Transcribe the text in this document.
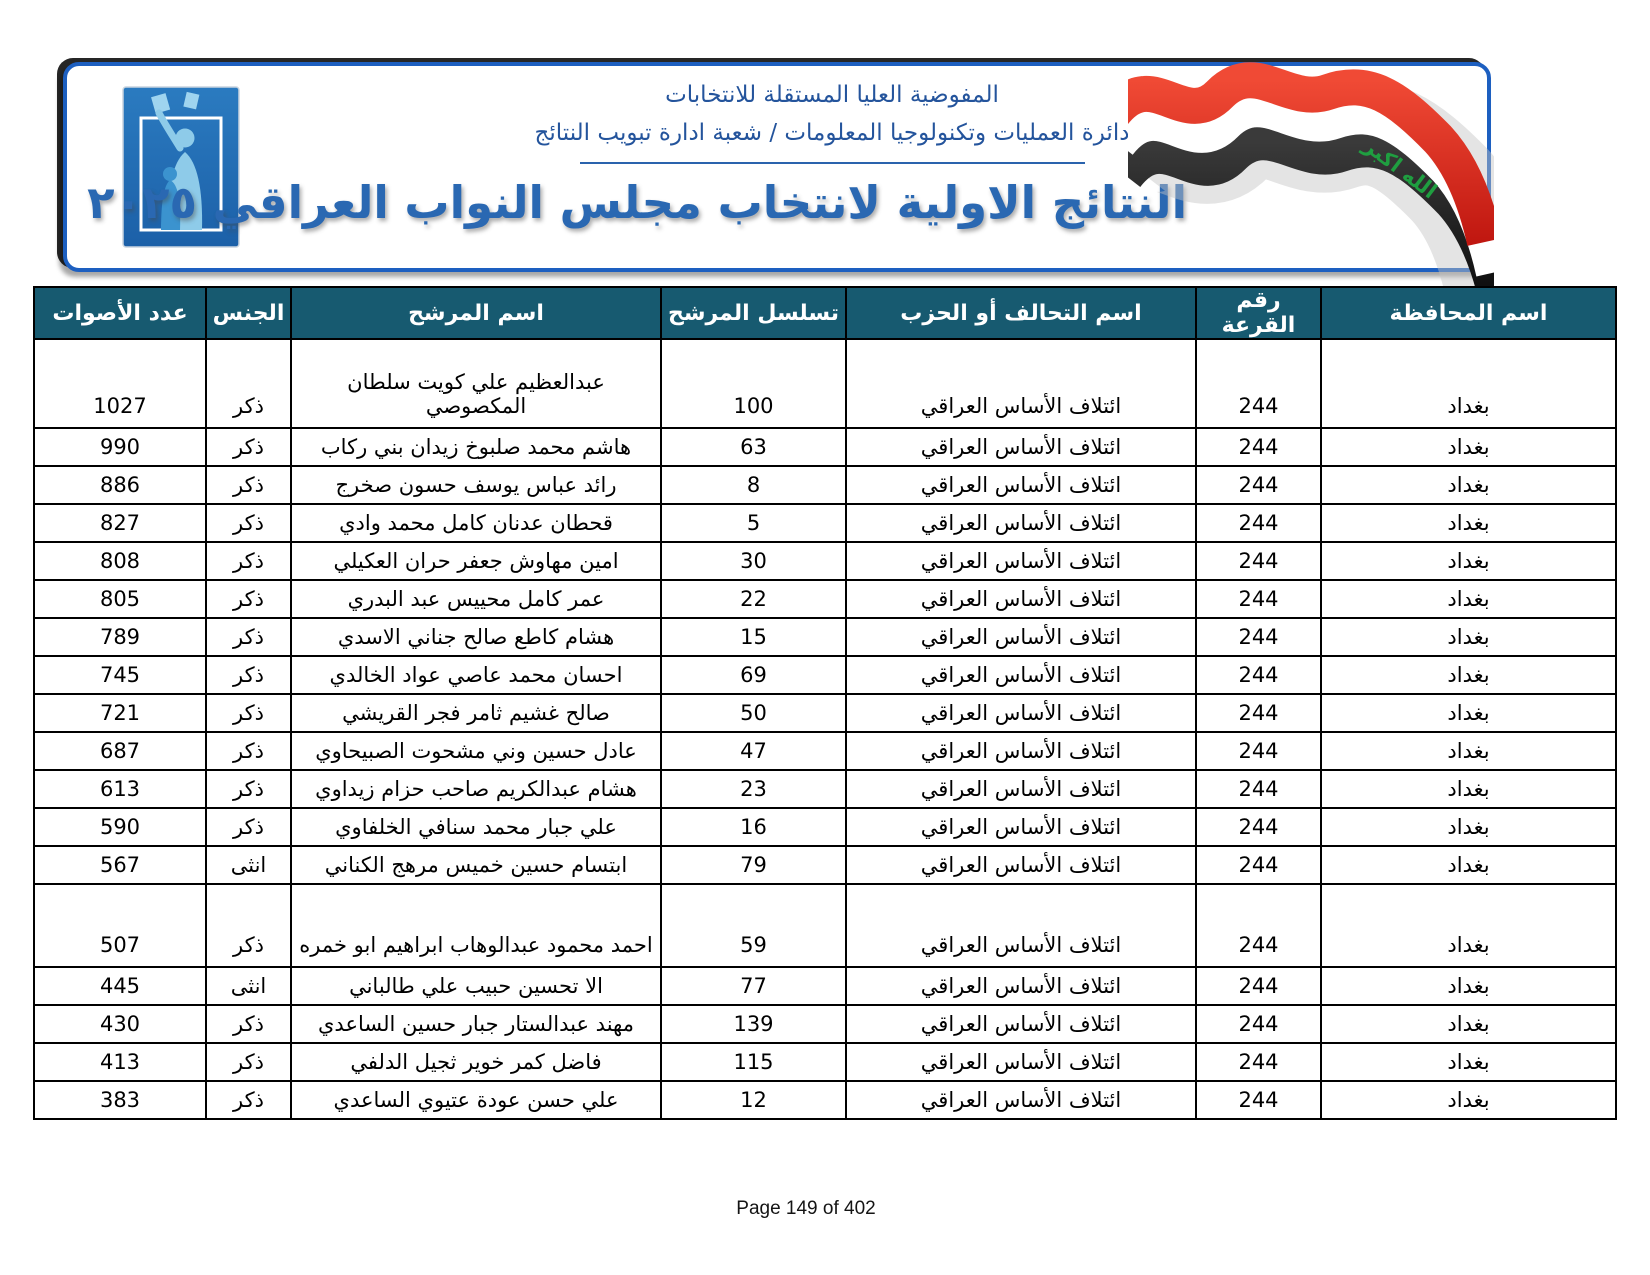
المفوضية العليا المستقلة للانتخابات
دائرة العمليات وتكنولوجيا المعلومات / شعبة ادارة تبويب النتائج
النتائج الاولية لانتخاب مجلس النواب العراقي ٢٠٢٥	الله اكبر
اسم المحافظة	رقم القرعة	اسم التحالف أو الحزب	تسلسل المرشح	اسم المرشح	الجنس	عدد الأصوات
بغداد	244	ائتلاف الأساس العراقي	100	عبدالعظيم علي كويت سلطان المكصوصي	ذكر	1027
بغداد	244	ائتلاف الأساس العراقي	63	هاشم محمد صلبوخ زيدان بني ركاب	ذكر	990
بغداد	244	ائتلاف الأساس العراقي	8	رائد عباس يوسف حسون صخرج	ذكر	886
بغداد	244	ائتلاف الأساس العراقي	5	قحطان عدنان كامل محمد وادي	ذكر	827
بغداد	244	ائتلاف الأساس العراقي	30	امين مهاوش جعفر حران العكيلي	ذكر	808
بغداد	244	ائتلاف الأساس العراقي	22	عمر كامل محييس عبد البدري	ذكر	805
بغداد	244	ائتلاف الأساس العراقي	15	هشام كاطع صالح جناني الاسدي	ذكر	789
بغداد	244	ائتلاف الأساس العراقي	69	احسان محمد عاصي عواد الخالدي	ذكر	745
بغداد	244	ائتلاف الأساس العراقي	50	صالح غشيم ثامر فجر القريشي	ذكر	721
بغداد	244	ائتلاف الأساس العراقي	47	عادل حسين وني مشحوت الصبيحاوي	ذكر	687
بغداد	244	ائتلاف الأساس العراقي	23	هشام عبدالكريم صاحب حزام زيداوي	ذكر	613
بغداد	244	ائتلاف الأساس العراقي	16	علي جبار محمد سنافي الخلفاوي	ذكر	590
بغداد	244	ائتلاف الأساس العراقي	79	ابتسام حسين خميس مرهج الكناني	انثى	567
بغداد	244	ائتلاف الأساس العراقي	59	احمد محمود عبدالوهاب ابراهيم ابو خمره	ذكر	507
بغداد	244	ائتلاف الأساس العراقي	77	الا تحسين حبيب علي طالباني	انثى	445
بغداد	244	ائتلاف الأساس العراقي	139	مهند عبدالستار جبار حسين الساعدي	ذكر	430
بغداد	244	ائتلاف الأساس العراقي	115	فاضل كمر خوير ثجيل الدلفي	ذكر	413
بغداد	244	ائتلاف الأساس العراقي	12	علي حسن عودة عتيوي الساعدي	ذكر	383
Page 149 of 402
